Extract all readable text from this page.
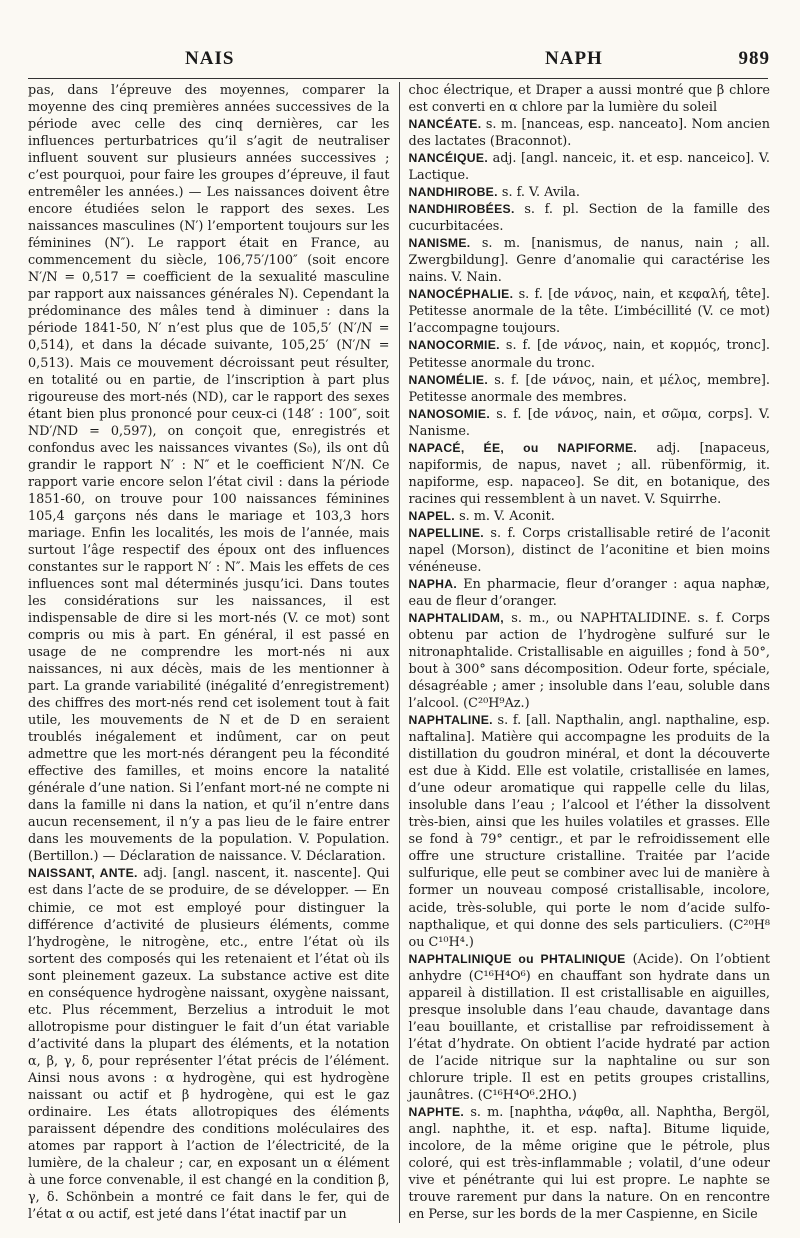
NAIS	NAPH	989

pas, dans l’épreuve des moyennes, comparer la moyenne des cinq premières années successives de la période avec celle des cinq dernières, car les influences perturbatrices qu’il s’agit de neutraliser influent souvent sur plusieurs années successives ; c’est pourquoi, pour faire les groupes d’épreuve, il faut entremêler les années.) — Les naissances doivent être encore étudiées selon le rapport des sexes. Les naissances masculines (N′) l’emportent toujours sur les féminines (N″). Le rapport était en France, au commencement du siècle, 106,75′/100″ (soit encore N′/N = 0,517 = coefficient de la sexualité masculine par rapport aux naissances générales N). Cependant la prédominance des mâles tend à diminuer : dans la période 1841-50, N′ n’est plus que de 105,5′ (N′/N = 0,514), et dans la décade suivante, 105,25′ (N′/N = 0,513). Mais ce mouvement décroissant peut résulter, en totalité ou en partie, de l’inscription à part plus rigoureuse des mort-nés (ND), car le rapport des sexes étant bien plus prononcé pour ceux-ci (148′ : 100″, soit ND′/ND = 0,597), on conçoit que, enregistrés et confondus avec les naissances vivantes (S₀), ils ont dû grandir le rapport N′ : N″ et le coefficient N′/N. Ce rapport varie encore selon l’état civil : dans la période 1851-60, on trouve pour 100 naissances féminines 105,4 garçons nés dans le mariage et 103,3 hors mariage. Enfin les localités, les mois de l’année, mais surtout l’âge respectif des époux ont des influences constantes sur le rapport N′ : N″. Mais les effets de ces influences sont mal déterminés jusqu’ici. Dans toutes les considérations sur les naissances, il est indispensable de dire si les mort-nés (V. ce mot) sont compris ou mis à part. En général, il est passé en usage de ne comprendre les mort-nés ni aux naissances, ni aux décès, mais de les mentionner à part. La grande variabilité (inégalité d’enregistrement) des chiffres des mort-nés rend cet isolement tout à fait utile, les mouvements de N et de D en seraient troublés inégalement et indûment, car on peut admettre que les mort-nés dérangent peu la fécondité effective des familles, et moins encore la natalité générale d’une nation. Si l’enfant mort-né ne compte ni dans la famille ni dans la nation, et qu’il n’entre dans aucun recensement, il n’y a pas lieu de le faire entrer dans les mouvements de la population. V. Population. (Bertillon.) — Déclaration de naissance. V. Déclaration.

NAISSANT, ANTE. adj. [angl. nascent, it. nascente]. Qui est dans l’acte de se produire, de se développer. — En chimie, ce mot est employé pour distinguer la différence d’activité de plusieurs éléments, comme l’hydrogène, le nitrogène, etc., entre l’état où ils sortent des composés qui les retenaient et l’état où ils sont pleinement gazeux. La substance active est dite en conséquence hydrogène naissant, oxygène naissant, etc. Plus récemment, Berzelius a introduit le mot allotropisme pour distinguer le fait d’un état variable d’activité dans la plupart des éléments, et la notation α, β, γ, δ, pour représenter l’état précis de l’élément. Ainsi nous avons : α hydrogène, qui est hydrogène naissant ou actif et β hydrogène, qui est le gaz ordinaire. Les états allotropiques des éléments paraissent dépendre des conditions moléculaires des atomes par rapport à l’action de l’électricité, de la lumière, de la chaleur ; car, en exposant un α élément à une force convenable, il est changé en la condition β, γ, δ. Schönbein a montré ce fait dans le fer, qui de l’état α ou actif, est jeté dans l’état inactif par un

choc électrique, et Draper a aussi montré que β chlore est converti en α chlore par la lumière du soleil

NANCÉATE. s. m. [nanceas, esp. nanceato]. Nom ancien des lactates (Braconnot).

NANCÉIQUE. adj. [angl. nanceic, it. et esp. nanceico]. V. Lactique.

NANDHIROBE. s. f. V. Avila.

NANDHIROBÉES. s. f. pl. Section de la famille des cucurbitacées.

NANISME. s. m. [nanismus, de nanus, nain ; all. Zwergbildung]. Genre d’anomalie qui caractérise les nains. V. Nain.

NANOCÉPHALIE. s. f. [de νάνος, nain, et κεφαλή, tête]. Petitesse anormale de la tête. L’imbécillité (V. ce mot) l’accompagne toujours.

NANOCORMIE. s. f. [de νάνος, nain, et κορμός, tronc]. Petitesse anormale du tronc.

NANOMÉLIE. s. f. [de νάνος, nain, et μέλος, membre]. Petitesse anormale des membres.

NANOSOMIE. s. f. [de νάνος, nain, et σῶμα, corps]. V. Nanisme.

NAPACÉ, ÉE, ou NAPIFORME. adj. [napaceus, napiformis, de napus, navet ; all. rübenförmig, it. napiforme, esp. napaceo]. Se dit, en botanique, des racines qui ressemblent à un navet. V. Squirrhe.

NAPEL. s. m. V. Aconit.

NAPELLINE. s. f. Corps cristallisable retiré de l’aconit napel (Morson), distinct de l’aconitine et bien moins vénéneuse.

NAPHA. En pharmacie, fleur d’oranger : aqua naphæ, eau de fleur d’oranger.

NAPHTALIDAM, s. m., ou NAPHTALIDINE. s. f. Corps obtenu par action de l’hydrogène sulfuré sur le nitronaphtalide. Cristallisable en aiguilles ; fond à 50°, bout à 300° sans décomposition. Odeur forte, spéciale, désagréable ; amer ; insoluble dans l’eau, soluble dans l’alcool. (C²⁰H⁹Az.)

NAPHTALINE. s. f. [all. Napthalin, angl. napthaline, esp. naftalina]. Matière qui accompagne les produits de la distillation du goudron minéral, et dont la découverte est due à Kidd. Elle est volatile, cristallisée en lames, d’une odeur aromatique qui rappelle celle du lilas, insoluble dans l’eau ; l’alcool et l’éther la dissolvent très-bien, ainsi que les huiles volatiles et grasses. Elle se fond à 79° centigr., et par le refroidissement elle offre une structure cristalline. Traitée par l’acide sulfurique, elle peut se combiner avec lui de manière à former un nouveau composé cristallisable, incolore, acide, très-soluble, qui porte le nom d’acide sulfo-napthalique, et qui donne des sels particuliers. (C²⁰H⁸ ou C¹⁰H⁴.)

NAPHTALINIQUE ou PHTALINIQUE (Acide). On l’obtient anhydre (C¹⁶H⁴O⁶) en chauffant son hydrate dans un appareil à distillation. Il est cristallisable en aiguilles, presque insoluble dans l’eau chaude, davantage dans l’eau bouillante, et cristallise par refroidissement à l’état d’hydrate. On obtient l’acide hydraté par action de l’acide nitrique sur la naphtaline ou sur son chlorure triple. Il est en petits groupes cristallins, jaunâtres. (C¹⁶H⁴O⁶.2HO.)

NAPHTE. s. m. [naphtha, νάφθα, all. Naphtha, Bergöl, angl. naphthe, it. et esp. nafta]. Bitume liquide, incolore, de la même origine que le pétrole, plus coloré, qui est très-inflammable ; volatil, d’une odeur vive et pénétrante qui lui est propre. Le naphte se trouve rarement pur dans la nature. On en rencontre en Perse, sur les bords de la mer Caspienne, en Sicile
